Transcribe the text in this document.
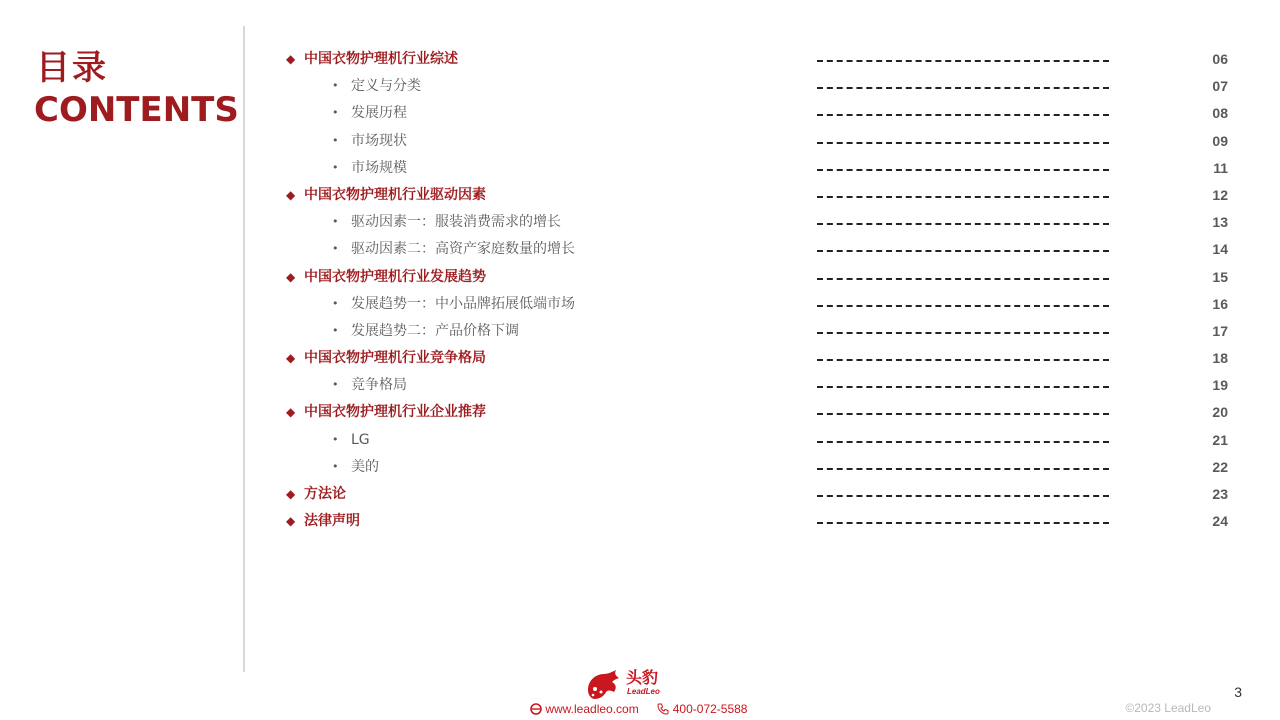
目录
CONTENTS
◆ 中国衣物护理机行业综述	06
• 定义与分类	07
• 发展历程	08
• 市场现状	09
• 市场规模	11
◆ 中国衣物护理机行业驱动因素	12
• 驱动因素一：服装消费需求的增长	13
• 驱动因素二：高资产家庭数量的增长	14
◆ 中国衣物护理机行业发展趋势	15
• 发展趋势一：中小品牌拓展低端市场	16
• 发展趋势二：产品价格下调	17
◆ 中国衣物护理机行业竞争格局	18
• 竞争格局	19
◆ 中国衣物护理机行业企业推荐	20
• LG	21
• 美的	22
◆ 方法论	23
◆ 法律声明	24
头豹
LeadLeo
www.leadleo.com	400-072-5588	©2023 LeadLeo
3
